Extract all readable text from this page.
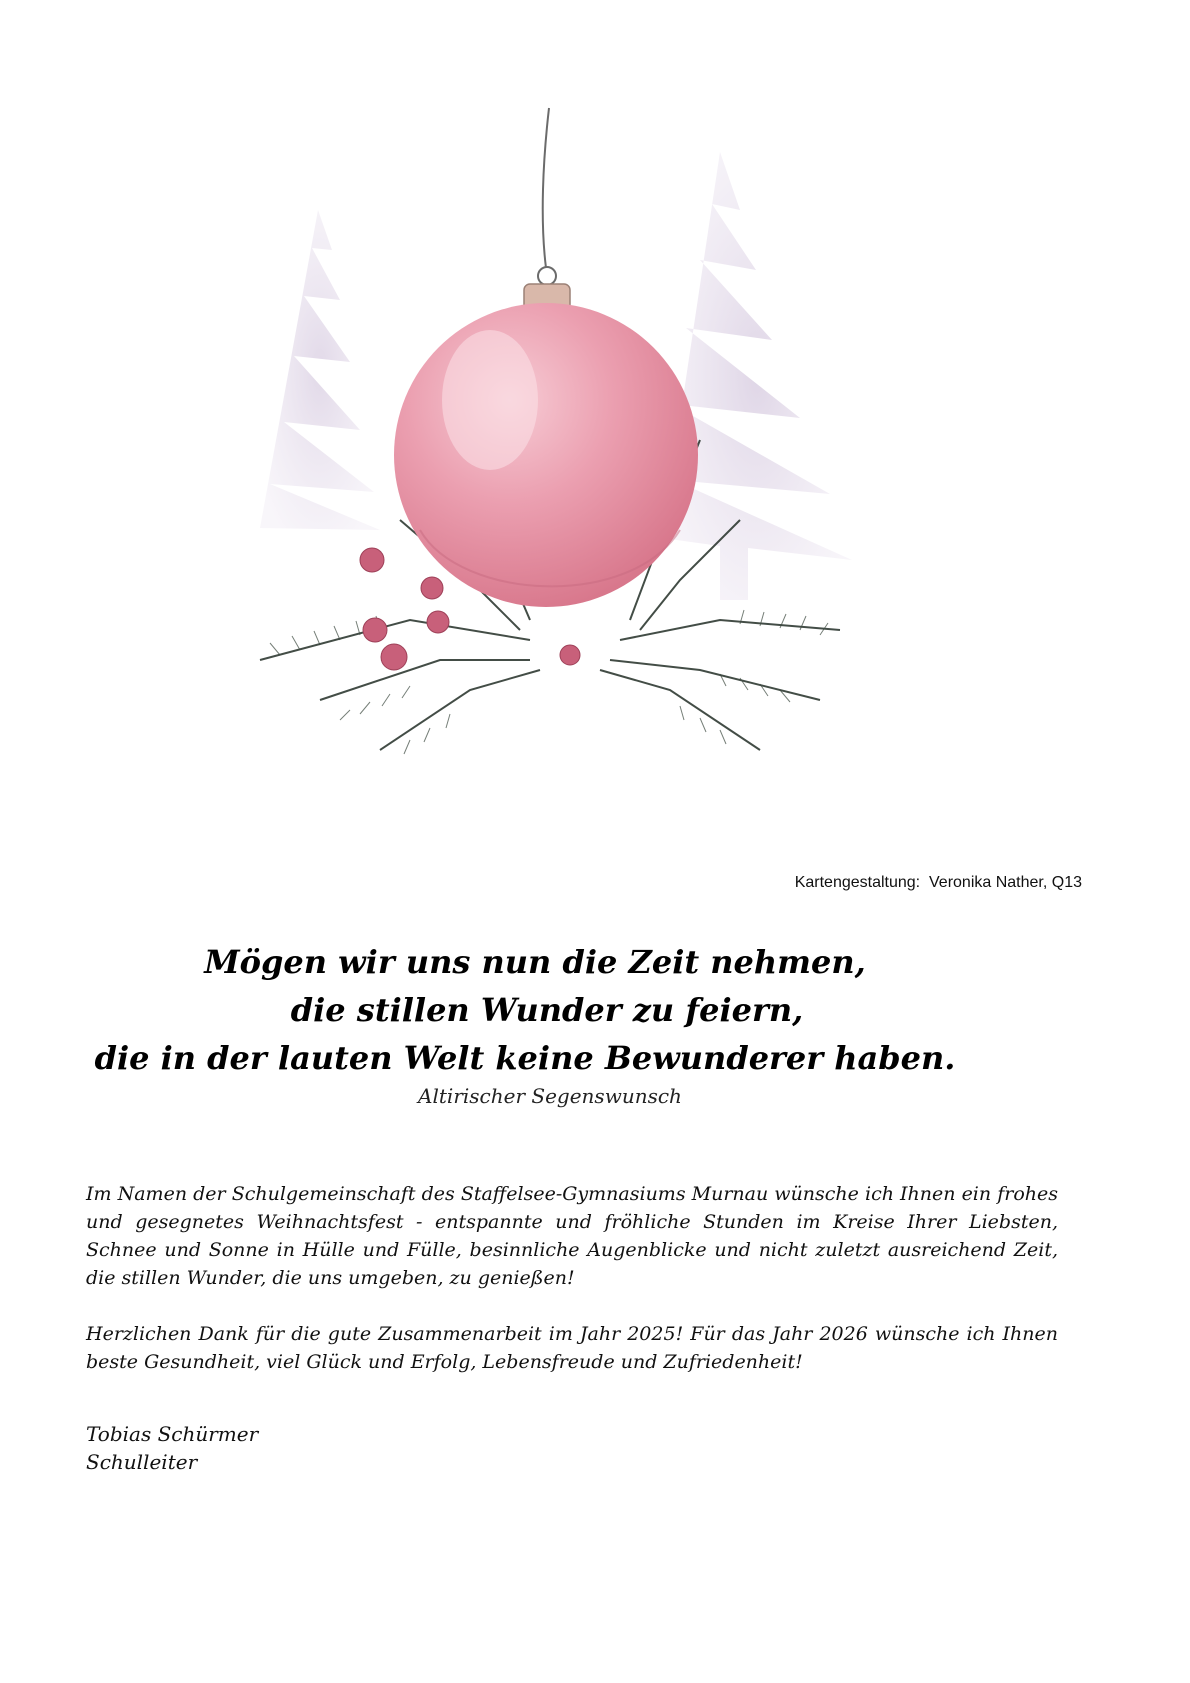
Kartengestaltung:  Veronika Nather, Q13
Mögen wir uns nun die Zeit nehmen,
die stillen Wunder zu feiern,
die in der lauten Welt keine Bewunderer haben.
Altirischer Segenswunsch
Im Namen der Schulgemeinschaft des Staffelsee-Gymnasiums Murnau wünsche ich Ihnen ein frohes und gesegnetes Weihnachtsfest - entspannte und fröhliche Stunden im Kreise Ihrer Liebsten, Schnee und Sonne in Hülle und Fülle, besinnliche Augenblicke und nicht zuletzt ausreichend Zeit, die stillen Wunder, die uns umgeben, zu genießen!
Herzlichen Dank für die gute Zusammenarbeit im Jahr 2025! Für das Jahr 2026 wünsche ich Ihnen beste Gesundheit, viel Glück und Erfolg, Lebensfreude und Zufriedenheit!
Tobias Schürmer
Schulleiter
